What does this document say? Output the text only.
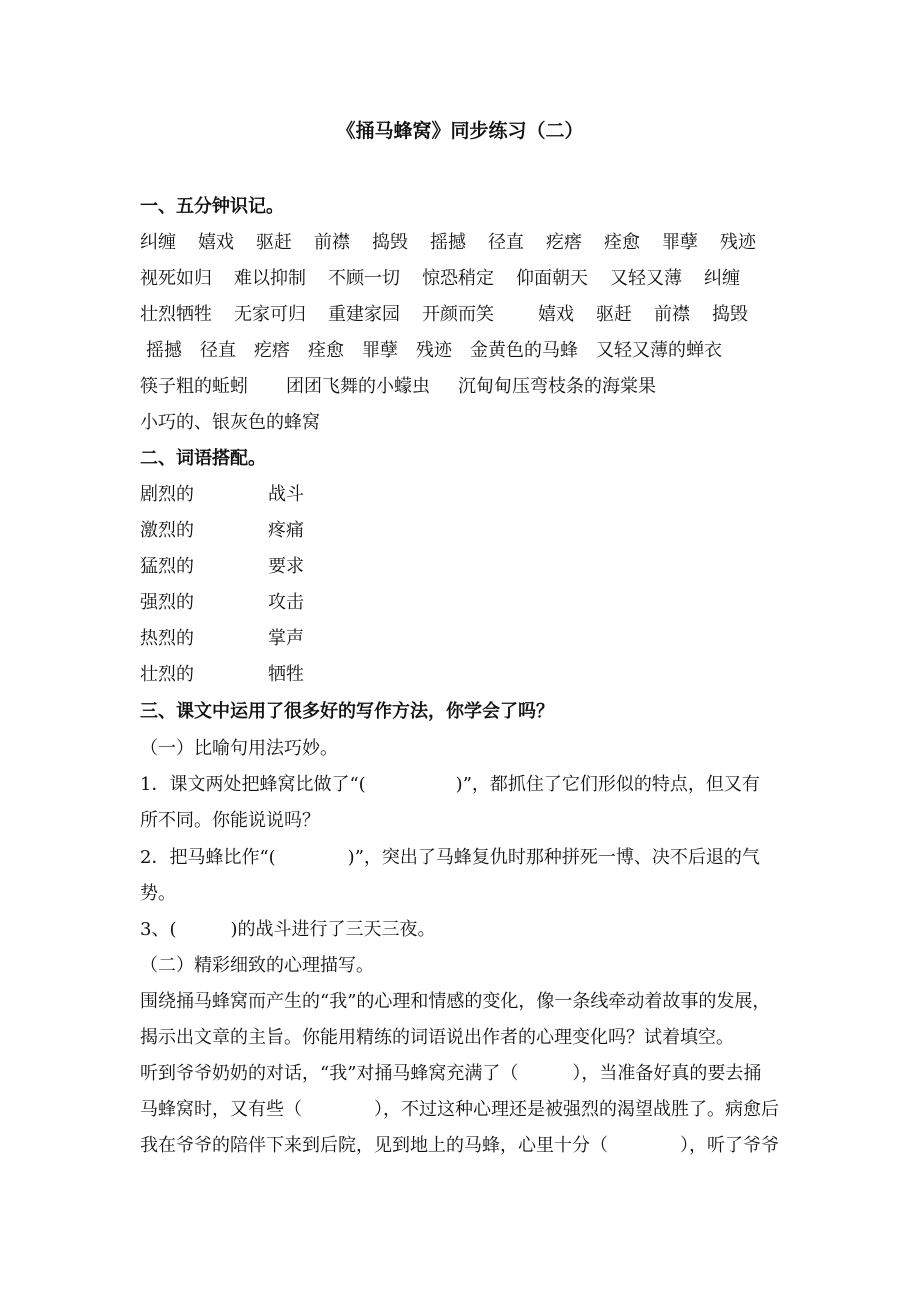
《捅马蜂窝》同步练习（二）
一、五分钟识记。
纠缠 嬉戏 驱赶 前襟 捣毁 摇撼 径直 疙瘩 痊愈 罪孽 残迹
视死如归 难以抑制 不顾一切 惊恐稍定 仰面朝天 又轻又薄 纠缠
壮烈牺牲 无家可归 重建家园 开颜而笑 嬉戏 驱赶 前襟 捣毁
摇撼 径直 疙瘩 痊愈 罪孽 残迹 金黄色的马蜂 又轻又薄的蝉衣
筷子粗的蚯蚓 团团飞舞的小蠓虫 沉甸甸压弯枝条的海棠果
小巧的、银灰色的蜂窝
二、词语搭配。
剧烈的	战斗
激烈的	疼痛
猛烈的	要求
强烈的	攻击
热烈的	掌声
壮烈的	牺牲
三、课文中运用了很多好的写作方法，你学会了吗？
（一）比喻句用法巧妙。
1．课文两处把蜂窝比做了“(　　　　　)”，都抓住了它们形似的特点，但又有
所不同。你能说说吗？
2．把马蜂比作“(　　　　)”，突出了马蜂复仇时那种拼死一博、决不后退的气
势。
3、(　　　)的战斗进行了三天三夜。
（二）精彩细致的心理描写。
围绕捅马蜂窝而产生的“我”的心理和情感的变化，像一条线牵动着故事的发展，
揭示出文章的主旨。你能用精练的词语说出作者的心理变化吗？试着填空。
听到爷爷奶奶的对话，“我”对捅马蜂窝充满了（　　　），当准备好真的要去捅
马蜂窝时，又有些（　　　　），不过这种心理还是被强烈的渴望战胜了。病愈后
我在爷爷的陪伴下来到后院，见到地上的马蜂，心里十分（　　　　），听了爷爷
